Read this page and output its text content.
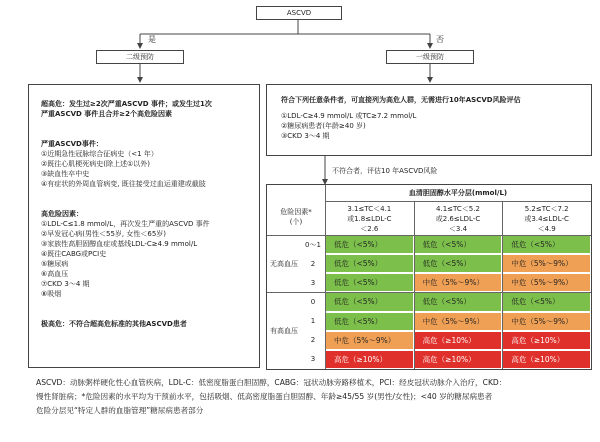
ASCVD
是	否
二级预防	一级预防
超高危：发生过≥2次严重ASCVD 事件；或发生过1次
严重ASCVD 事件且合并≥2个高危险因素
严重ASCVD事件：
①近期急性冠脉综合征病史（<1 年）
②既往心肌梗死病史(除上述①以外)
③缺血性卒中史
④有症状的外周血管病变, 既往接受过血运重建或截肢
高危险因素：
①LDL-C≤1.8 mmol/L，再次发生严重的ASCVD 事件
②早发冠心病(男性＜55岁, 女性＜65岁)
③家族性高胆固醇血症或基线LDL-C≥4.9 mmol/L
④既往CABG或PCI史
⑤糖尿病
⑥高血压
⑦CKD 3～4 期
⑧吸烟
极高危：不符合超高危标准的其他ASCVD患者
符合下列任意条件者，可直接列为高危人群，无需进行10年ASCVD风险评估
①LDL-C≥4.9 mmol/L 或TC≥7.2 mmol/L
②糖尿病患者(年龄≥40 岁)
③CKD 3～4 期
不符合者，评估10 年ASCVD风险
血清胆固醇水平分层(mmol/L)
危险因素*
(个)
3.1≤TC＜4.1
或1.8≤LDL-C
＜2.6
4.1≤TC＜5.2
或2.6≤LDL-C
＜3.4
5.2≤TC＜7.2
或3.4≤LDL-C
＜4.9
无高血压
有高血压
0～1	低危（<5%）	低危（<5%）	低危（<5%）
2	低危（<5%）	低危（<5%）	中危（5%～9%）
3	低危（<5%）	中危（5%～9%）	中危（5%～9%）
0	低危（<5%）	低危（<5%）	低危（<5%）
1	低危（<5%）	中危（5%～9%）	中危（5%～9%）
2	中危（5%～9%）	高危（≥10%）	高危（≥10%）
3	高危（≥10%）	高危（≥10%）	高危（≥10%）
ASCVD：动脉粥样硬化性心血管疾病，LDL-C：低密度脂蛋白胆固醇，CABG：冠状动脉旁路移植术，PCI：经皮冠状动脉介入治疗，CKD：
慢性肾脏病；*危险因素的水平均为干预前水平，包括吸烟、低高密度脂蛋白胆固醇、年龄≥45/55 岁(男性/女性)；<40 岁的糖尿病患者
危险分层见“特定人群的血脂管理”糖尿病患者部分
